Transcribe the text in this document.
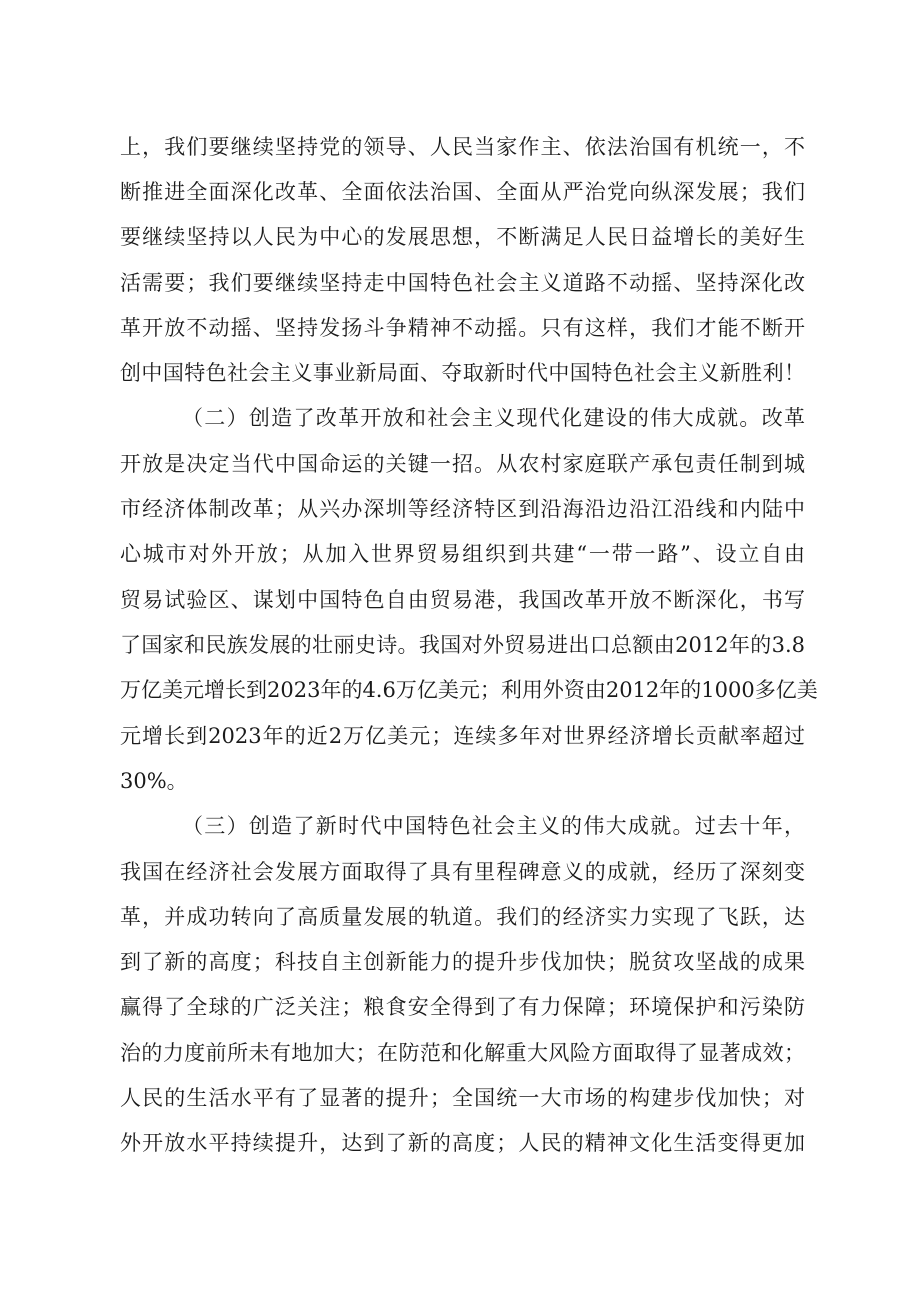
上，我们要继续坚持党的领导、人民当家作主、依法治国有机统一，不
断推进全面深化改革、全面依法治国、全面从严治党向纵深发展；我们
要继续坚持以人民为中心的发展思想，不断满足人民日益增长的美好生
活需要；我们要继续坚持走中国特色社会主义道路不动摇、坚持深化改
革开放不动摇、坚持发扬斗争精神不动摇。只有这样，我们才能不断开
创中国特色社会主义事业新局面、夺取新时代中国特色社会主义新胜利！
（二）创造了改革开放和社会主义现代化建设的伟大成就。改革
开放是决定当代中国命运的关键一招。从农村家庭联产承包责任制到城
市经济体制改革；从兴办深圳等经济特区到沿海沿边沿江沿线和内陆中
心城市对外开放；从加入世界贸易组织到共建“一带一路”、设立自由
贸易试验区、谋划中国特色自由贸易港，我国改革开放不断深化，书写
了国家和民族发展的壮丽史诗。我国对外贸易进出口总额由2012年的3.8
万亿美元增长到2023年的4.6万亿美元；利用外资由2012年的1000多亿美
元增长到2023年的近2万亿美元；连续多年对世界经济增长贡献率超过
30%。
（三）创造了新时代中国特色社会主义的伟大成就。过去十年，
我国在经济社会发展方面取得了具有里程碑意义的成就，经历了深刻变
革，并成功转向了高质量发展的轨道。我们的经济实力实现了飞跃，达
到了新的高度；科技自主创新能力的提升步伐加快；脱贫攻坚战的成果
赢得了全球的广泛关注；粮食安全得到了有力保障；环境保护和污染防
治的力度前所未有地加大；在防范和化解重大风险方面取得了显著成效；
人民的生活水平有了显著的提升；全国统一大市场的构建步伐加快；对
外开放水平持续提升，达到了新的高度；人民的精神文化生活变得更加
